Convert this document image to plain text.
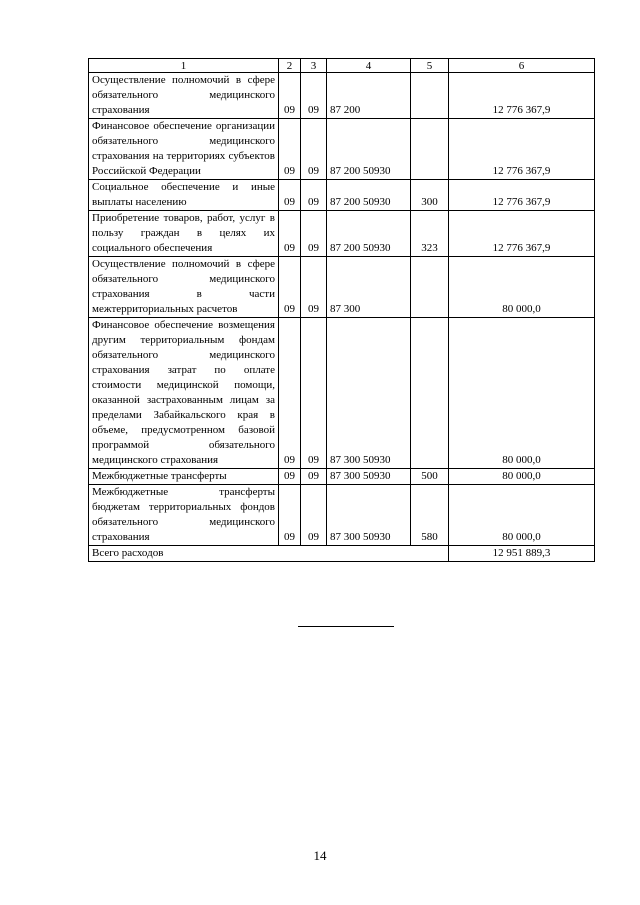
1	2	3	4	5	6
Осуществление полномочий в сфере обязательного медицинского страхования	09	09	87 200		12 776 367,9
Финансовое обеспечение организации обязательного медицинского страхования на территориях субъектов Российской Федерации	09	09	87 200 50930		12 776 367,9
Социальное обеспечение и иные выплаты населению	09	09	87 200 50930	300	12 776 367,9
Приобретение товаров, работ, услуг в пользу граждан в целях их социального обеспечения	09	09	87 200 50930	323	12 776 367,9
Осуществление полномочий в сфере обязательного медицинского страхования в части межтерриториальных расчетов	09	09	87 300		80 000,0
Финансовое обеспечение возмещения другим территориальным фондам обязательного медицинского страхования затрат по оплате стоимости медицинской помощи, оказанной застрахованным лицам за пределами Забайкальского края в объеме, предусмотренном базовой программой обязательного медицинского страхования	09	09	87 300 50930		80 000,0
Межбюджетные трансферты	09	09	87 300 50930	500	80 000,0
Межбюджетные трансферты бюджетам территориальных фондов обязательного медицинского страхования	09	09	87 300 50930	580	80 000,0
Всего расходов					12 951 889,3
14
